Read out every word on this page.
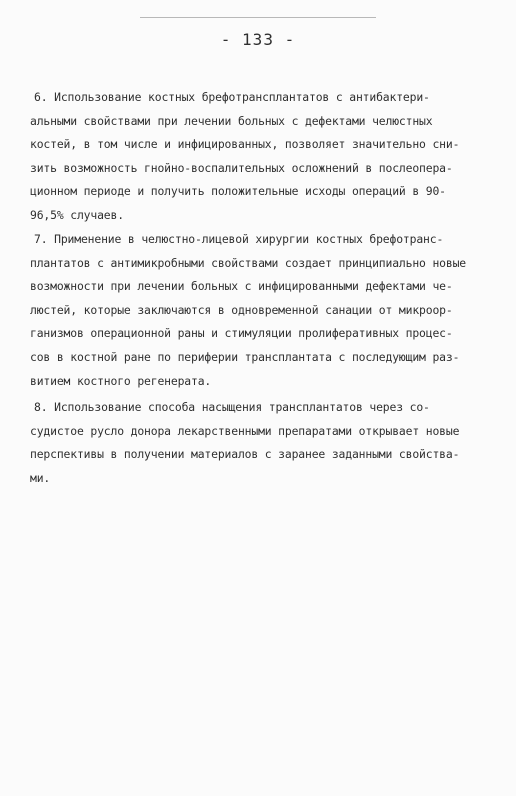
- 133 -
6. Использование костных брефотрансплантатов с антибактери-
альными свойствами при лечении больных с дефектами челюстных
костей, в том числе и инфицированных, позволяет значительно сни-
зить возможность гнойно-воспалительных осложнений в послеопера-
ционном периоде и получить положительные исходы операций в 90-
96,5% случаев.
7. Применение в челюстно-лицевой хирургии костных брефотранс-
плантатов с антимикробными свойствами создает принципиально новые
возможности при лечении больных с инфицированными дефектами че-
люстей, которые заключаются в одновременной санации от микроор-
ганизмов операционной раны и стимуляции пролиферативных процес-
сов в костной ране по периферии трансплантата с последующим раз-
витием костного регенерата.
8. Использование способа насыщения трансплантатов через со-
судистое русло донора лекарственными препаратами открывает новые
перспективы в получении материалов с заранее заданными свойства-
ми.
